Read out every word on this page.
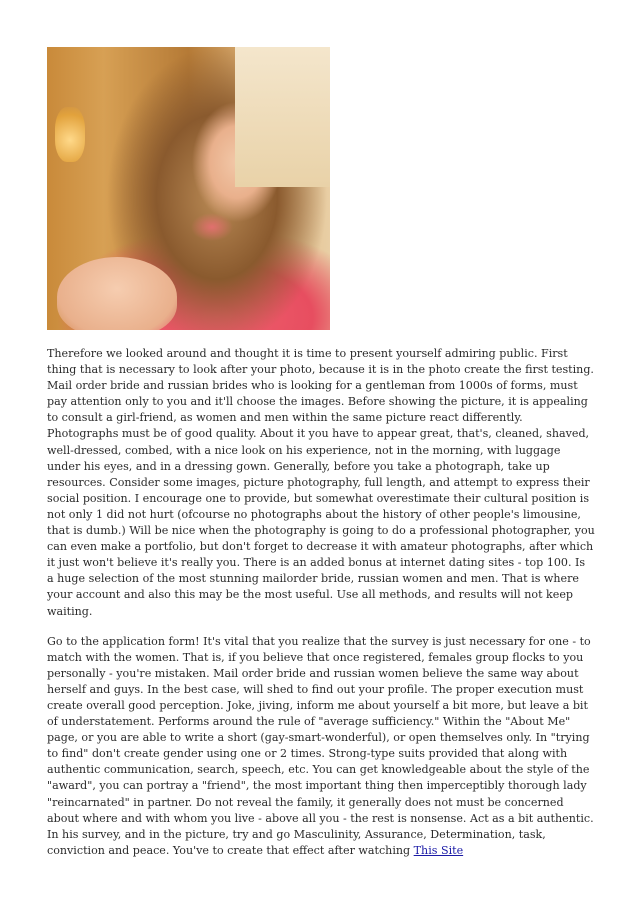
Therefore we looked around and thought it is time to present yourself admiring public. First thing that is necessary to look after your photo, because it is in the photo create the first testing. Mail order bride and russian brides who is looking for a gentleman from 1000s of forms, must pay attention only to you and it'll choose the images. Before showing the picture, it is appealing to consult a girl-friend, as women and men within the same picture react differently. Photographs must be of good quality. About it you have to appear great, that's, cleaned, shaved, well-dressed, combed, with a nice look on his experience, not in the morning, with luggage under his eyes, and in a dressing gown. Generally, before you take a photograph, take up resources. Consider some images, picture photography, full length, and attempt to express their social position. I encourage one to provide, but somewhat overestimate their cultural position is not only 1 did not hurt (ofcourse no photographs about the history of other people's limousine, that is dumb.) Will be nice when the photography is going to do a professional photographer, you can even make a portfolio, but don't forget to decrease it with amateur photographs, after which it just won't believe it's really you. There is an added bonus at internet dating sites - top 100. Is a huge selection of the most stunning mailorder bride, russian women and men. That is where your account and also this may be the most useful. Use all methods, and results will not keep waiting.

Go to the application form! It's vital that you realize that the survey is just necessary for one - to match with the women. That is, if you believe that once registered, females group flocks to you personally - you're mistaken. Mail order bride and russian women believe the same way about herself and guys. In the best case, will shed to find out your profile. The proper execution must create overall good perception. Joke, jiving, inform me about yourself a bit more, but leave a bit of understatement. Performs around the rule of "average sufficiency." Within the "About Me" page, or you are able to write a short (gay-smart-wonderful), or open themselves only. In "trying to find" don't create gender using one or 2 times. Strong-type suits provided that along with authentic communication, search, speech, etc. You can get knowledgeable about the style of the "award", you can portray a "friend", the most important thing then imperceptibly thorough lady "reincarnated" in partner. Do not reveal the family, it generally does not must be concerned about where and with whom you live - above all you - the rest is nonsense. Act as a bit authentic. In his survey, and in the picture, try and go Masculinity, Assurance, Determination, task, conviction and peace. You've to create that effect after watching This Site
